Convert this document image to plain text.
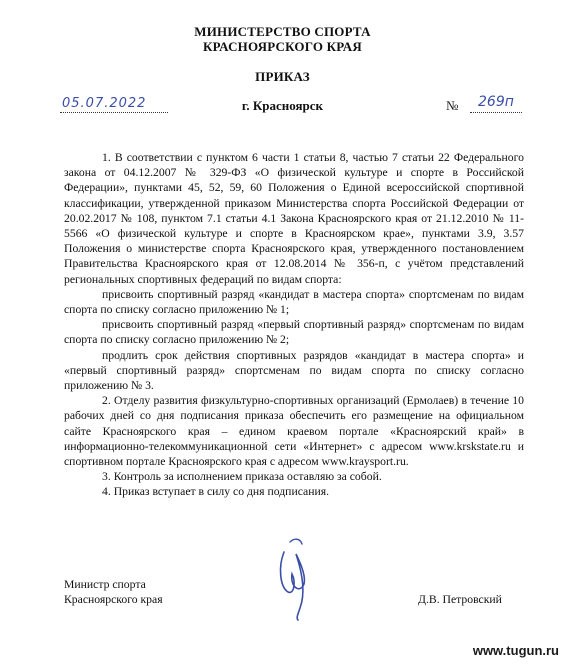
МИНИСТЕРСТВО СПОРТА
КРАСНОЯРСКОГО КРАЯ
ПРИКАЗ
05.07.2022	г. Красноярск	№ 269п

1. В соответствии с пунктом 6 части 1 статьи 8, частью 7 статьи 22 Федерального закона от 04.12.2007 № 329-ФЗ «О физической культуре и спорте в Российской Федерации», пунктами 45, 52, 59, 60 Положения о Единой всероссийской спортивной классификации, утвержденной приказом Министерства спорта Российской Федерации от 20.02.2017 № 108, пунктом 7.1 статьи 4.1 Закона Красноярского края от 21.12.2010 № 11-5566 «О физической культуре и спорте в Красноярском крае», пунктами 3.9, 3.57 Положения о министерстве спорта Красноярского края, утвержденного постановлением Правительства Красноярского края от 12.08.2014 № 356-п, с учётом представлений региональных спортивных федераций по видам спорта:

присвоить спортивный разряд «кандидат в мастера спорта» спортсменам по видам спорта по списку согласно приложению № 1;

присвоить спортивный разряд «первый спортивный разряд» спортсменам по видам спорта по списку согласно приложению № 2;

продлить срок действия спортивных разрядов «кандидат в мастера спорта» и «первый спортивный разряд» спортсменам по видам спорта по списку согласно приложению № 3.

2. Отделу развития физкультурно-спортивных организаций (Ермолаев) в течение 10 рабочих дней со дня подписания приказа обеспечить его размещение на официальном сайте Красноярского края – едином краевом портале «Красноярский край» в информационно-телекоммуникационной сети «Интернет» с адресом www.krskstate.ru и спортивном портале Красноярского края с адресом www.kraysport.ru.

3. Контроль за исполнением приказа оставляю за собой.

4. Приказ вступает в силу со дня подписания.

Министр спорта
Красноярского края	Д.В. Петровский
www.tugun.ru
